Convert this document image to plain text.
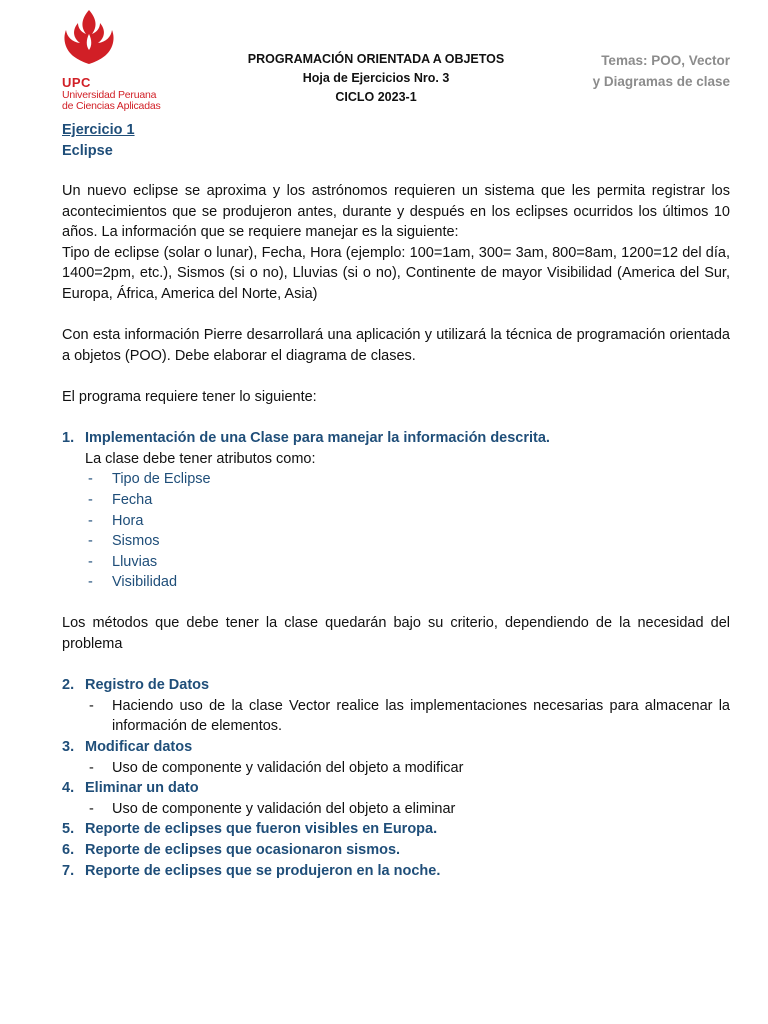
UPC
Universidad Peruana
de Ciencias Aplicadas
PROGRAMACIÓN ORIENTADA A OBJETOS
Hoja de Ejercicios Nro. 3
CICLO 2023-1
Temas: POO, Vector
y Diagramas de clase
Ejercicio 1
Eclipse

Un nuevo eclipse se aproxima y los astrónomos requieren un sistema que les permita registrar los acontecimientos que se produjeron antes, durante y después en los eclipses ocurridos los últimos 10 años. La información que se requiere manejar es la siguiente:

Tipo de eclipse (solar o lunar), Fecha, Hora (ejemplo: 100=1am, 300= 3am, 800=8am, 1200=12 del día, 1400=2pm, etc.), Sismos (si o no), Lluvias (si o no), Continente de mayor Visibilidad (America del Sur, Europa, África, America del Norte, Asia)

Con esta información Pierre desarrollará una aplicación y utilizará la técnica de programación orientada a objetos (POO). Debe elaborar el diagrama de clases.

El programa requiere tener lo siguiente:

1. Implementación de una Clase para manejar la información descrita.
La clase debe tener atributos como:
- Tipo de Eclipse
- Fecha
- Hora
- Sismos
- Lluvias
- Visibilidad
Los métodos que debe tener la clase quedarán bajo su criterio, dependiendo de la necesidad del problema
2. Registro de Datos
- Haciendo uso de la clase Vector realice las implementaciones necesarias para almacenar la información de elementos.
3. Modificar datos
- Uso de componente y validación del objeto a modificar
4. Eliminar un dato
- Uso de componente y validación del objeto a eliminar
5. Reporte de eclipses que fueron visibles en Europa.
6. Reporte de eclipses que ocasionaron sismos.
7. Reporte de eclipses que se produjeron en la noche.
